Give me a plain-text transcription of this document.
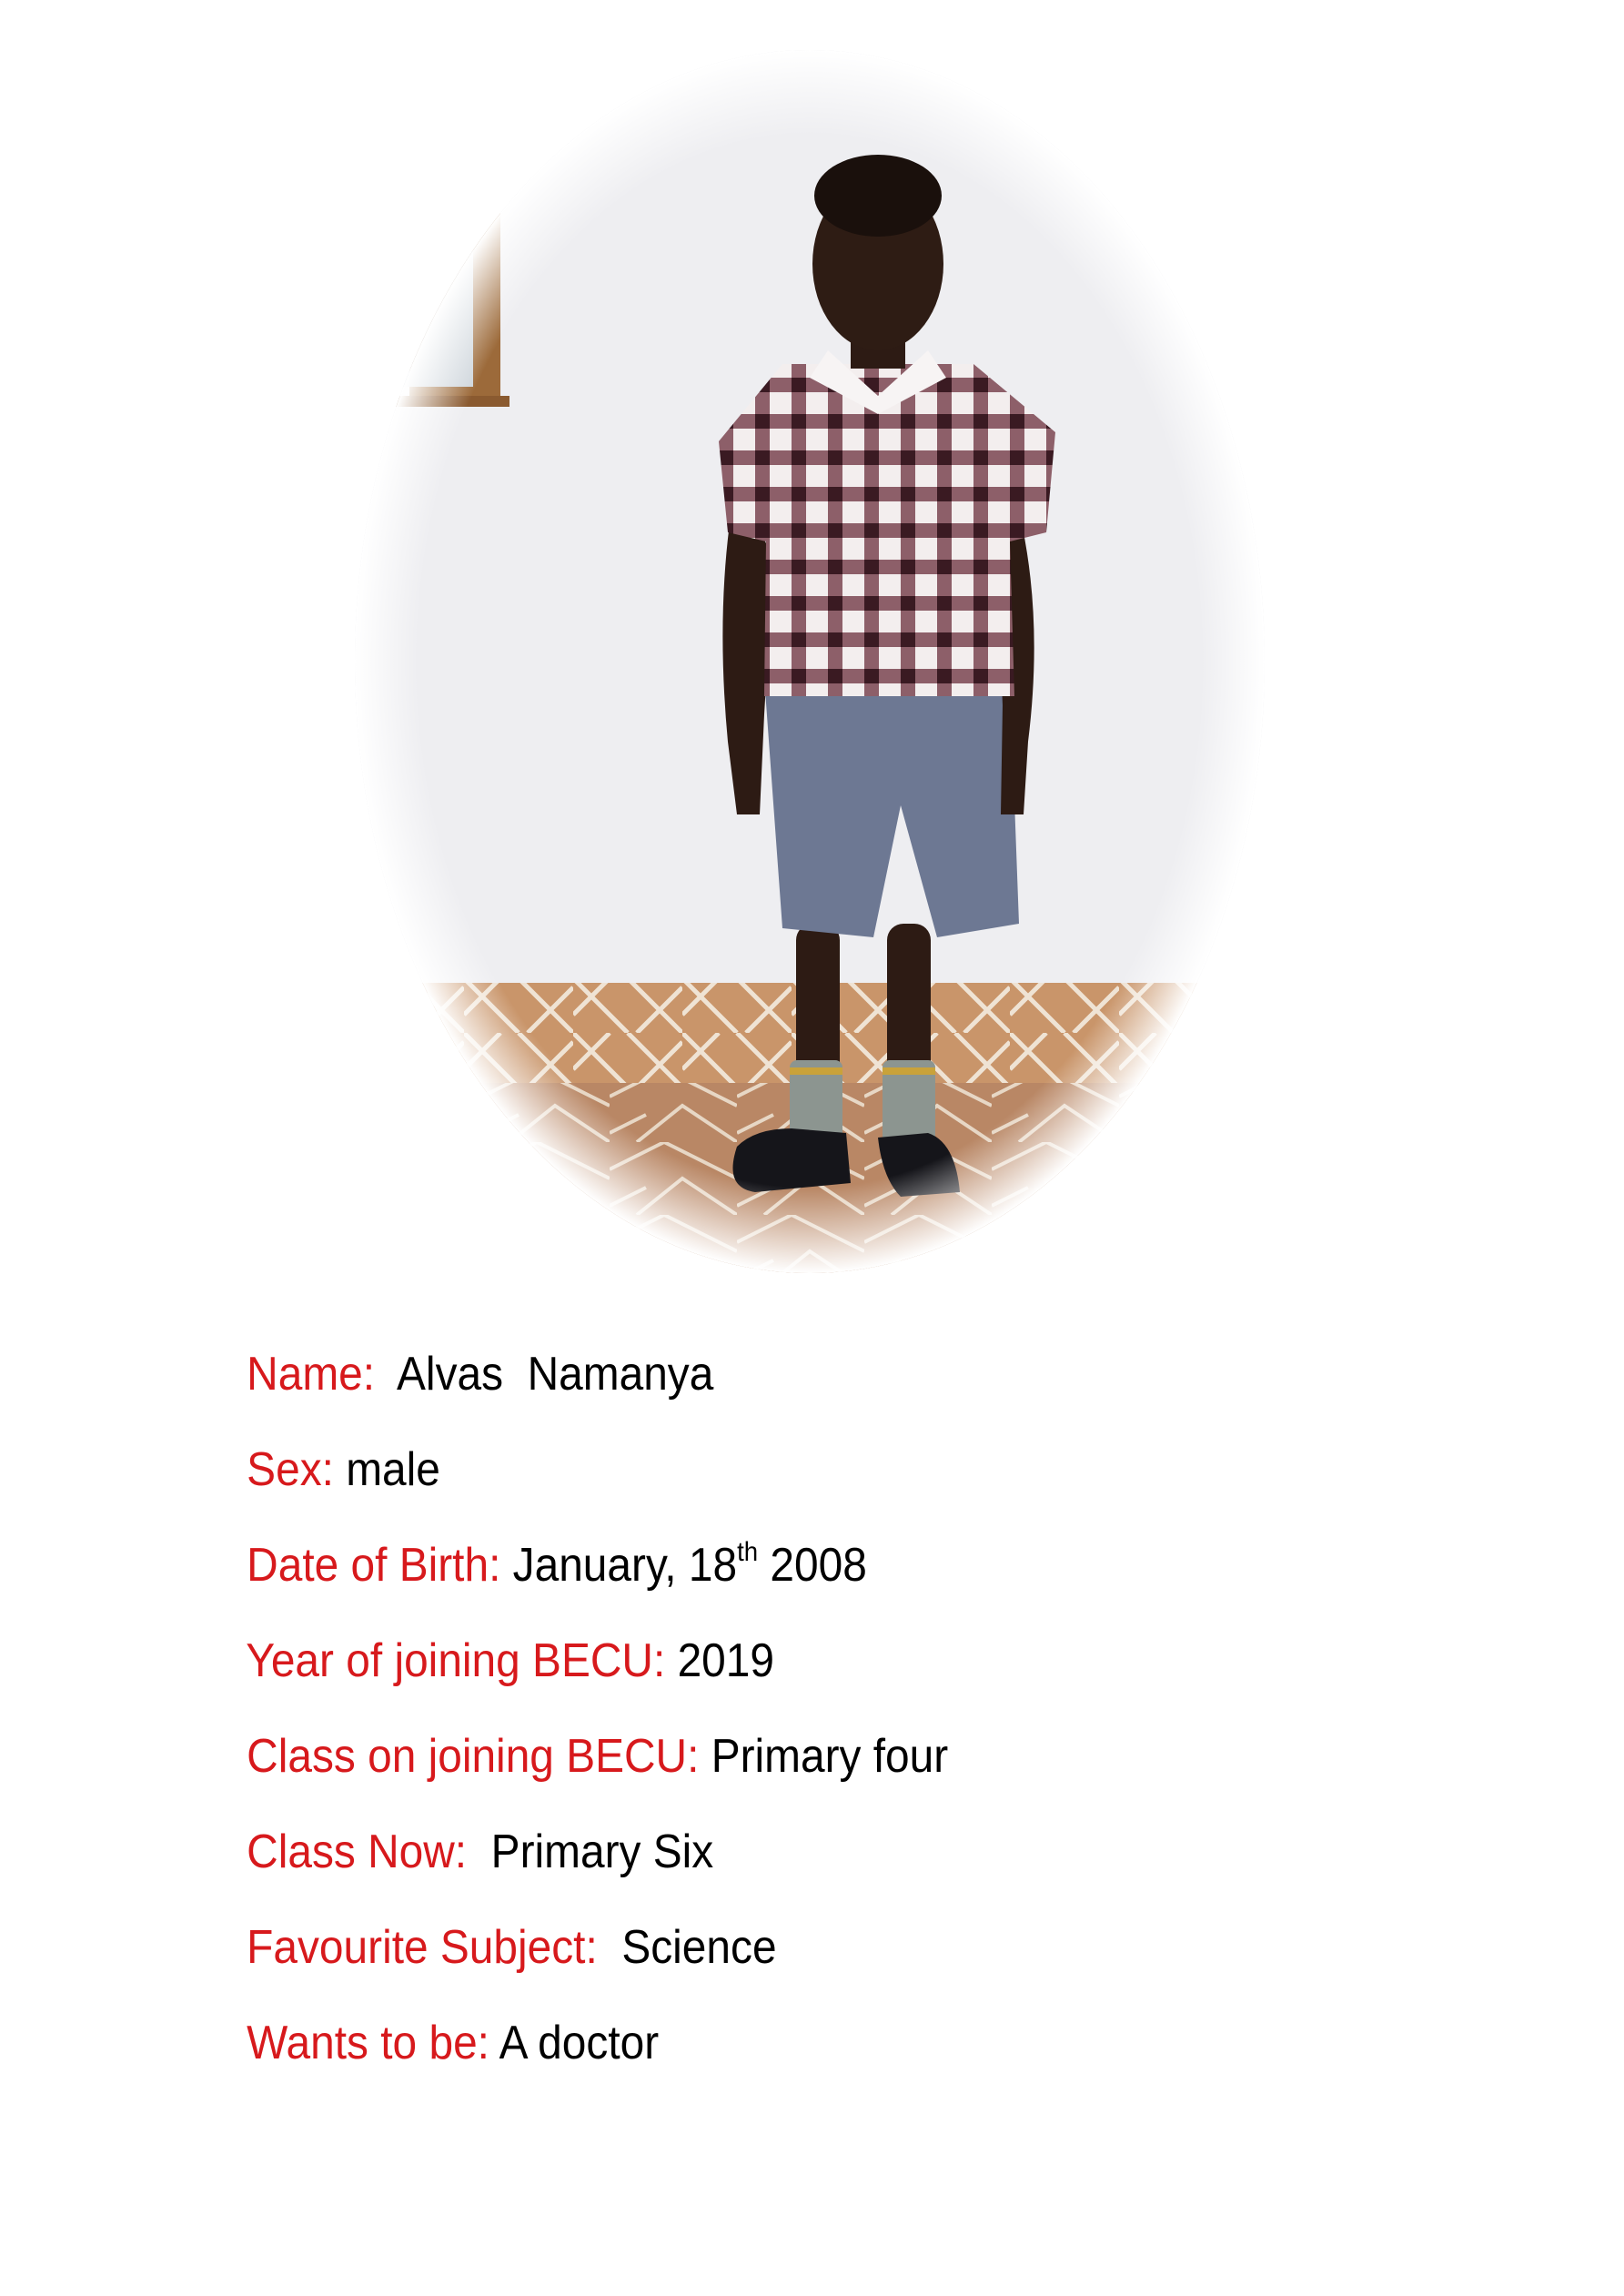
Name: Alvas  Namanya

Sex: male

Date of Birth: January, 18th 2008

Year of joining BECU: 2019

Class on joining BECU: Primary four

Class Now: Primary Six

Favourite Subject: Science

Wants to be: A doctor
